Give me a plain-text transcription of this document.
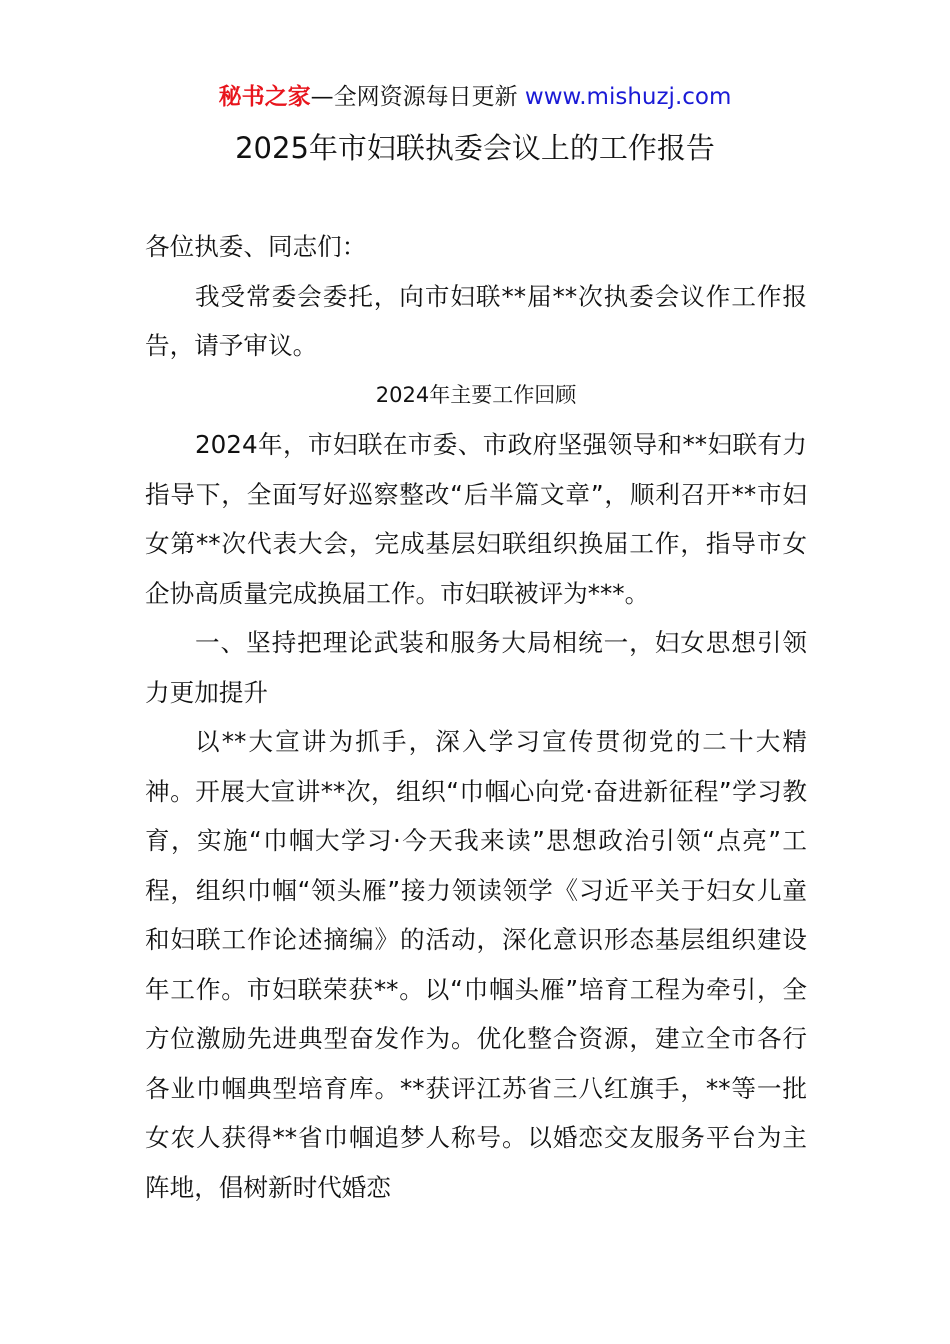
秘书之家—全网资源每日更新 www.mishuzj.com
2025年市妇联执委会议上的工作报告

各位执委、同志们：

我受常委会委托，向市妇联**届**次执委会议作工作报告，请予审议。

2024年主要工作回顾

2024年，市妇联在市委、市政府坚强领导和**妇联有力指导下，全面写好巡察整改“后半篇文章”，顺利召开**市妇女第**次代表大会，完成基层妇联组织换届工作，指导市女企协高质量完成换届工作。市妇联被评为***。

一、坚持把理论武装和服务大局相统一，妇女思想引领力更加提升

以**大宣讲为抓手，深入学习宣传贯彻党的二十大精神。开展大宣讲**次，组织“巾帼心向党·奋进新征程”学习教育，实施“巾帼大学习·今天我来读”思想政治引领“点亮”工程，组织巾帼“领头雁”接力领读领学《习近平关于妇女儿童和妇联工作论述摘编》的活动，深化意识形态基层组织建设年工作。市妇联荣获**。以“巾帼头雁”培育工程为牵引，全方位激励先进典型奋发作为。优化整合资源，建立全市各行各业巾帼典型培育库。**获评江苏省三八红旗手，**等一批女农人获得**省巾帼追梦人称号。以婚恋交友服务平台为主阵地，倡树新时代婚恋
